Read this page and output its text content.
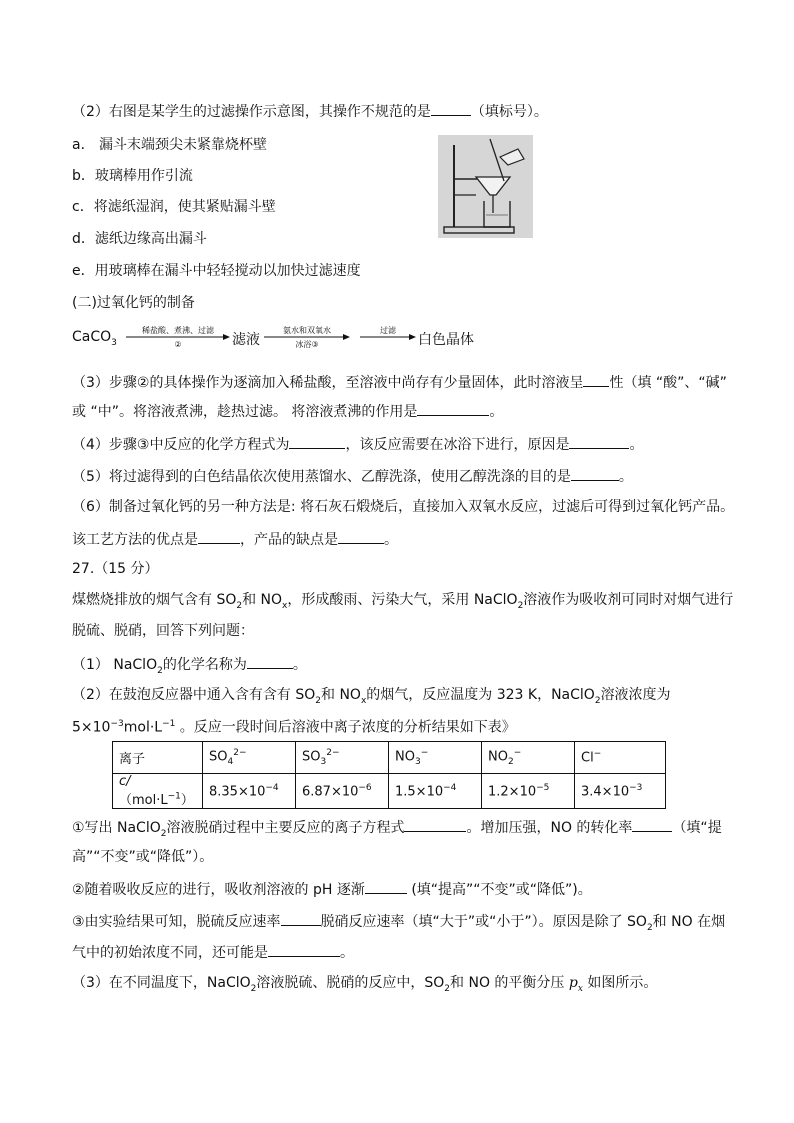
（2）右图是某学生的过滤操作示意图，其操作不规范的是	（填标号）。
a． 漏斗末端颈尖未紧靠烧杯壁
b．玻璃棒用作引流
c．将滤纸湿润，使其紧贴漏斗壁
d．滤纸边缘高出漏斗
e．用玻璃棒在漏斗中轻轻搅动以加快过滤速度
(二)过氧化钙的制备
CaCO$_3$
稀盐酸、煮沸、过滤
②	滤液
氨水和双氧水
冰浴③
过滤
白色晶体
（3）步骤②的具体操作为逐滴加入稀盐酸，至溶液中尚存有少量固体，此时溶液呈 性（填 “酸”、“碱”
或 “中”。将溶液煮沸，趁热过滤。 将溶液煮沸的作用是	。
（4）步骤③中反应的化学方程式为	，该反应需要在冰浴下进行，原因是	。
（5）将过滤得到的白色结晶依次使用蒸馏水、乙醇洗涤，使用乙醇洗涤的目的是	。
（6）制备过氧化钙的另一种方法是: 将石灰石煅烧后，直接加入双氧水反应，过滤后可得到过氧化钙产品。
该工艺方法的优点是	，产品的缺点是	。
27.（15 分）
煤燃烧排放的烟气含有 $SO_2$和 $NO_x$，形成酸雨、污染大气，采用 NaClO$_2$溶液作为吸收剂可同时对烟气进行
脱硫、脱硝，回答下列问题：
（1） NaClO$_2$的化学名称为	。
（2）在鼓泡反应器中通入含有含有 $SO_2$和 $NO_x$的烟气，反应温度为 323 K，NaClO$_2$溶液浓度为
$5\times 10^{-3}mol\cdot L^{-1}$ 。反应一段时间后溶液中离子浓度的分析结果如下表》
离子	$SO_4^{2-}$	$SO_3^{2-}$	$NO_3^-$	$NO_2^-$	Cl−
$c/(mol\cdot L^{-1})$	$8.35\times 10^{-4}$	$6.87\times 10^{-6}$	$1.5\times 10^{-4}$	$1.2\times 10^{-5}$	$3.4\times 10^{-3}$
①写出 NaClO$_2$溶液脱硝过程中主要反应的离子方程式	。增加压强，NO 的转化率	（填“提
高”“不变”或“降低”）。
②随着吸收反应的进行，吸收剂溶液的 pH 逐渐	(填“提高”“不变”或“降低”)。
③由实验结果可知，脱硫反应速率	脱硝反应速率（填“大于”或“小于”）。原因是除了 $SO_2$和 NO 在烟
气中的初始浓度不同，还可能是	。
（3）在不同温度下，NaClO$_2$溶液脱硫、脱硝的反应中，$SO_2$和 NO 的平衡分压 $p_x$ 如图所示。
